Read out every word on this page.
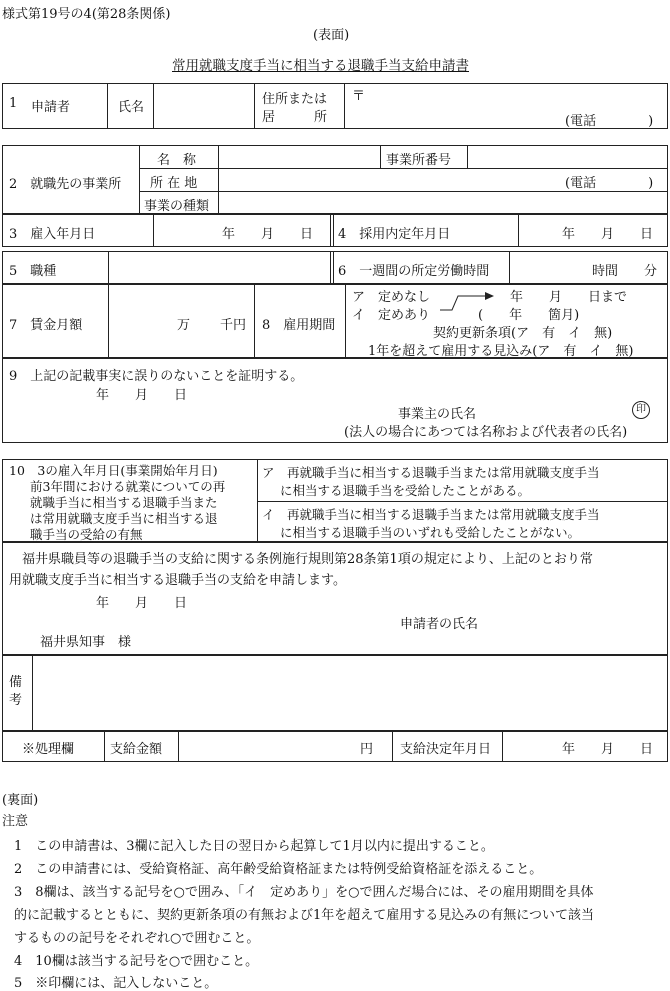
様式第19号の4(第28条関係)
(表面)
常用就職支度手当に相当する退職手当支給申請書
1 申請者	氏名
住所または
居　　　所
〒
(電話　　　　)
2　就職先の事業所
名　称	事業所番号
所 在 地	(電話　　　　)
事業の種類
3　雇入年月日	年　　月　　日 4　採用内定年月日	年　　月　　日
5　職種	6　一週間の所定労働時間	時間　　分
7　賃金月額	万 千円 8　雇用期間
ア　定めなし
イ　定めあり
年　　月　　日まで
(　　年　　箇月)
契約更新条項(ア　有　イ　無)
1年を超えて雇用する見込み(ア　有　イ　無)
9　上記の記載事実に誤りのないことを証明する。
年　　月　　日
事業主の氏名	印
(法人の場合にあつては名称および代表者の氏名)
10　3の雇入年月日(事業開始年月日)
前3年間における就業についての再
就職手当に相当する退職手当また
は常用就職支度手当に相当する退
職手当の受給の有無
ア　再就職手当に相当する退職手当または常用就職支度手当
に相当する退職手当を受給したことがある。
イ　再就職手当に相当する退職手当または常用就職支度手当
に相当する退職手当のいずれも受給したことがない。
福井県職員等の退職手当の支給に関する条例施行規則第28条第1項の規定により、上記のとおり常
用就職支度手当に相当する退職手当の支給を申請します。
年　　月　　日
申請者の氏名
福井県知事　様
備考
※処理欄	支給金額	円 支給決定年月日	年　　月　　日
(裏面)
注意
1　この申請書は、3欄に記入した日の翌日から起算して1月以内に提出すること。
2　この申請書には、受給資格証、高年齢受給資格証または特例受給資格証を添えること。
3　8欄は、該当する記号を○で囲み、「イ　定めあり」を○で囲んだ場合には、その雇用期間を具体
的に記載するとともに、契約更新条項の有無および1年を超えて雇用する見込みの有無について該当
するものの記号をそれぞれ○で囲むこと。
4　10欄は該当する記号を○で囲むこと。
5　※印欄には、記入しないこと。
